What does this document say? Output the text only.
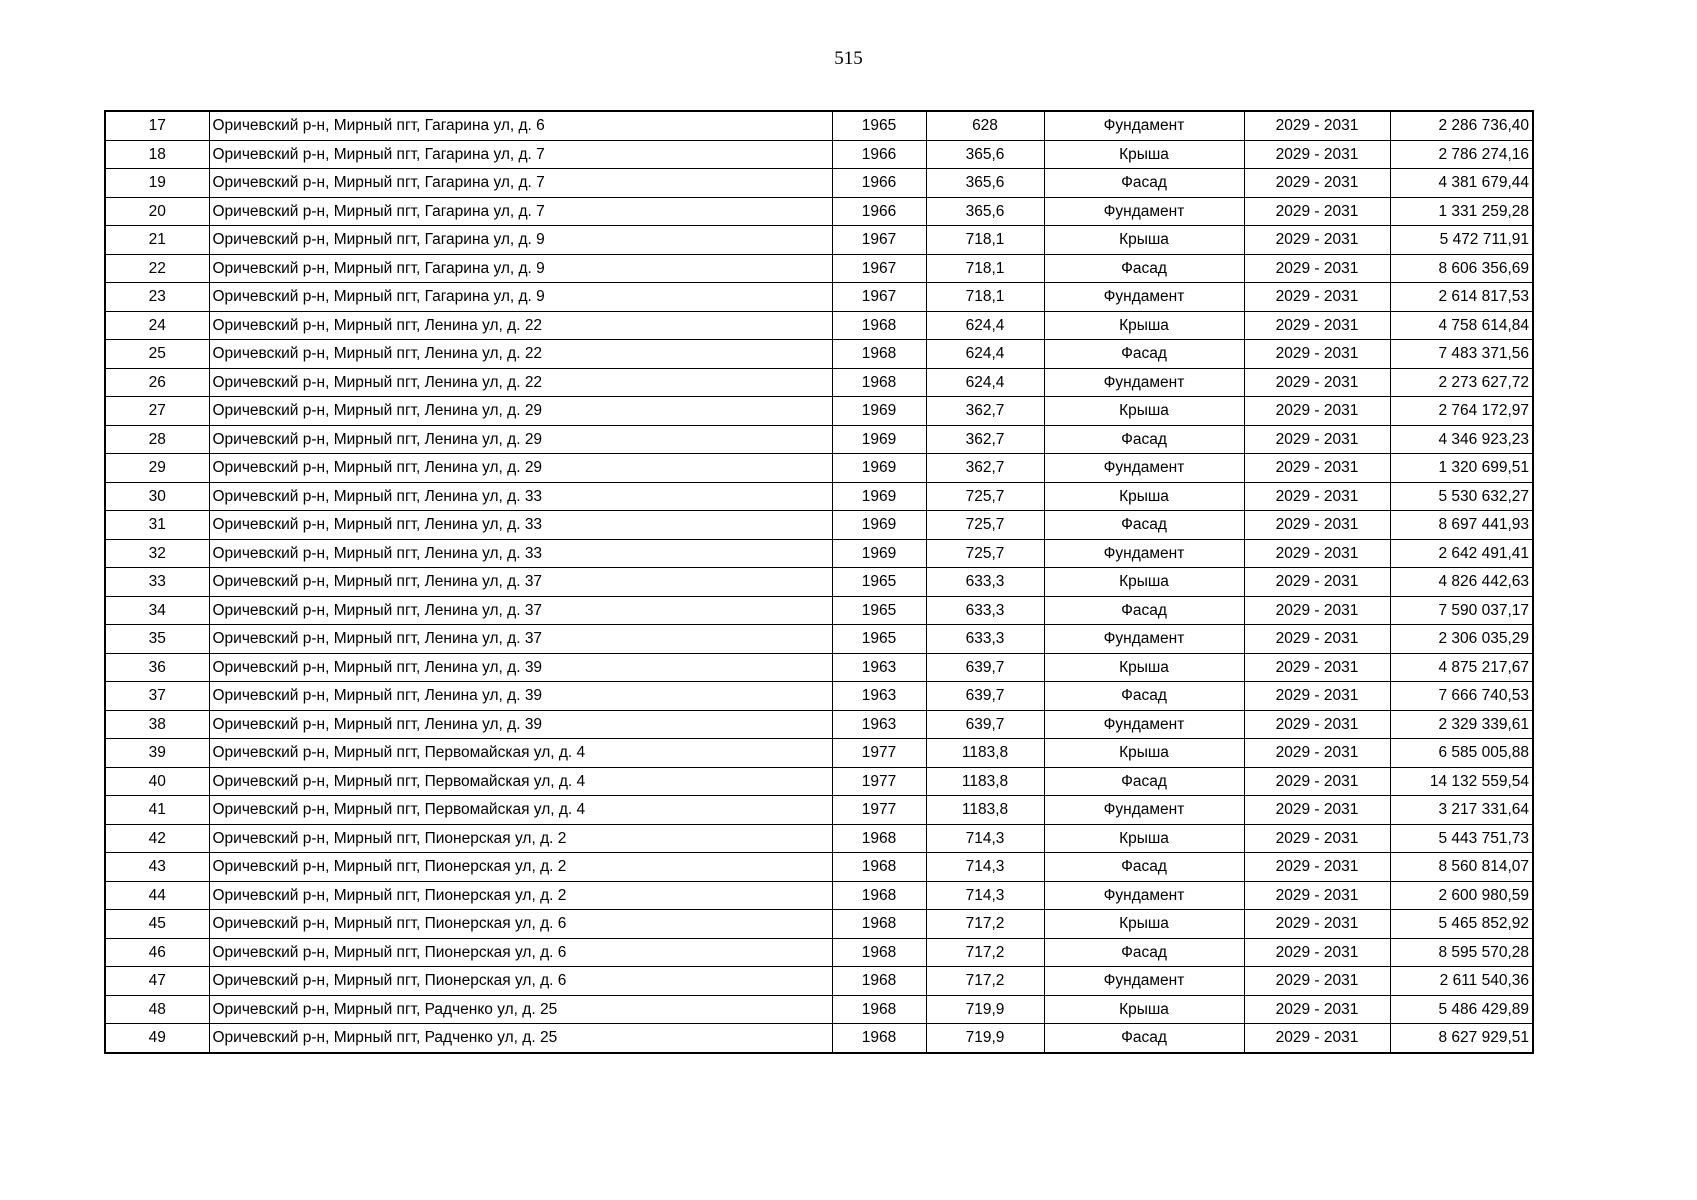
515
17	Оричевский р-н, Мирный пгт, Гагарина ул, д. 6	1965	628	Фундамент	2029 - 2031	2 286 736,40
18	Оричевский р-н, Мирный пгт, Гагарина ул, д. 7	1966	365,6	Крыша	2029 - 2031	2 786 274,16
19	Оричевский р-н, Мирный пгт, Гагарина ул, д. 7	1966	365,6	Фасад	2029 - 2031	4 381 679,44
20	Оричевский р-н, Мирный пгт, Гагарина ул, д. 7	1966	365,6	Фундамент	2029 - 2031	1 331 259,28
21	Оричевский р-н, Мирный пгт, Гагарина ул, д. 9	1967	718,1	Крыша	2029 - 2031	5 472 711,91
22	Оричевский р-н, Мирный пгт, Гагарина ул, д. 9	1967	718,1	Фасад	2029 - 2031	8 606 356,69
23	Оричевский р-н, Мирный пгт, Гагарина ул, д. 9	1967	718,1	Фундамент	2029 - 2031	2 614 817,53
24	Оричевский р-н, Мирный пгт, Ленина ул, д. 22	1968	624,4	Крыша	2029 - 2031	4 758 614,84
25	Оричевский р-н, Мирный пгт, Ленина ул, д. 22	1968	624,4	Фасад	2029 - 2031	7 483 371,56
26	Оричевский р-н, Мирный пгт, Ленина ул, д. 22	1968	624,4	Фундамент	2029 - 2031	2 273 627,72
27	Оричевский р-н, Мирный пгт, Ленина ул, д. 29	1969	362,7	Крыша	2029 - 2031	2 764 172,97
28	Оричевский р-н, Мирный пгт, Ленина ул, д. 29	1969	362,7	Фасад	2029 - 2031	4 346 923,23
29	Оричевский р-н, Мирный пгт, Ленина ул, д. 29	1969	362,7	Фундамент	2029 - 2031	1 320 699,51
30	Оричевский р-н, Мирный пгт, Ленина ул, д. 33	1969	725,7	Крыша	2029 - 2031	5 530 632,27
31	Оричевский р-н, Мирный пгт, Ленина ул, д. 33	1969	725,7	Фасад	2029 - 2031	8 697 441,93
32	Оричевский р-н, Мирный пгт, Ленина ул, д. 33	1969	725,7	Фундамент	2029 - 2031	2 642 491,41
33	Оричевский р-н, Мирный пгт, Ленина ул, д. 37	1965	633,3	Крыша	2029 - 2031	4 826 442,63
34	Оричевский р-н, Мирный пгт, Ленина ул, д. 37	1965	633,3	Фасад	2029 - 2031	7 590 037,17
35	Оричевский р-н, Мирный пгт, Ленина ул, д. 37	1965	633,3	Фундамент	2029 - 2031	2 306 035,29
36	Оричевский р-н, Мирный пгт, Ленина ул, д. 39	1963	639,7	Крыша	2029 - 2031	4 875 217,67
37	Оричевский р-н, Мирный пгт, Ленина ул, д. 39	1963	639,7	Фасад	2029 - 2031	7 666 740,53
38	Оричевский р-н, Мирный пгт, Ленина ул, д. 39	1963	639,7	Фундамент	2029 - 2031	2 329 339,61
39	Оричевский р-н, Мирный пгт, Первомайская ул, д. 4	1977	1183,8	Крыша	2029 - 2031	6 585 005,88
40	Оричевский р-н, Мирный пгт, Первомайская ул, д. 4	1977	1183,8	Фасад	2029 - 2031	14 132 559,54
41	Оричевский р-н, Мирный пгт, Первомайская ул, д. 4	1977	1183,8	Фундамент	2029 - 2031	3 217 331,64
42	Оричевский р-н, Мирный пгт, Пионерская ул, д. 2	1968	714,3	Крыша	2029 - 2031	5 443 751,73
43	Оричевский р-н, Мирный пгт, Пионерская ул, д. 2	1968	714,3	Фасад	2029 - 2031	8 560 814,07
44	Оричевский р-н, Мирный пгт, Пионерская ул, д. 2	1968	714,3	Фундамент	2029 - 2031	2 600 980,59
45	Оричевский р-н, Мирный пгт, Пионерская ул, д. 6	1968	717,2	Крыша	2029 - 2031	5 465 852,92
46	Оричевский р-н, Мирный пгт, Пионерская ул, д. 6	1968	717,2	Фасад	2029 - 2031	8 595 570,28
47	Оричевский р-н, Мирный пгт, Пионерская ул, д. 6	1968	717,2	Фундамент	2029 - 2031	2 611 540,36
48	Оричевский р-н, Мирный пгт, Радченко ул, д. 25	1968	719,9	Крыша	2029 - 2031	5 486 429,89
49	Оричевский р-н, Мирный пгт, Радченко ул, д. 25	1968	719,9	Фасад	2029 - 2031	8 627 929,51
